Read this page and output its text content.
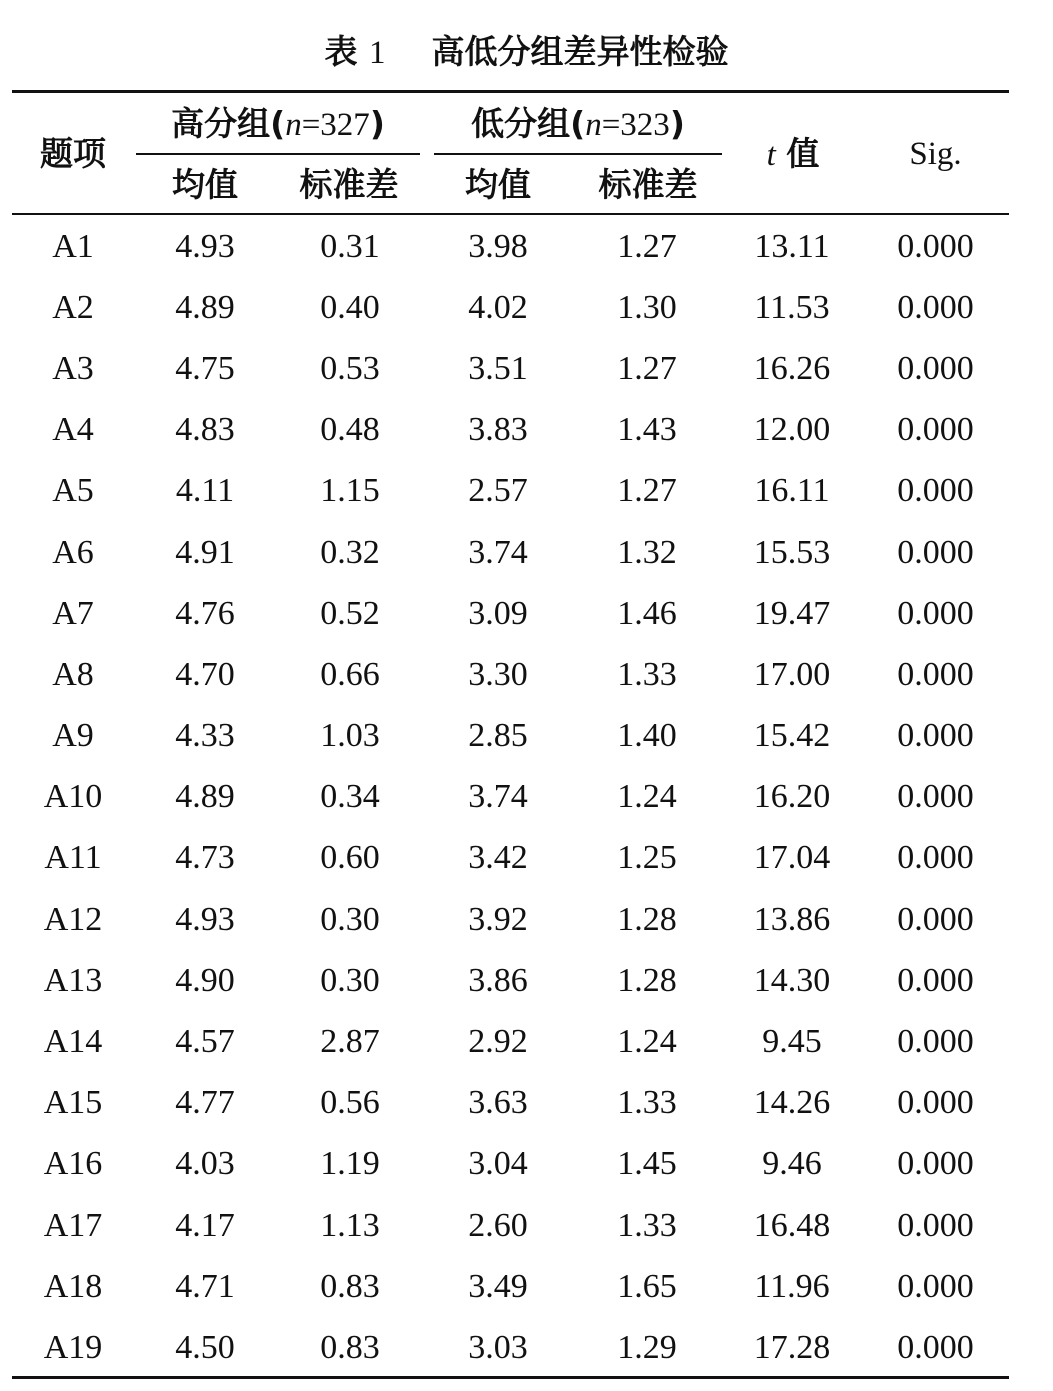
表 1 高低分组差异性检验
题项
高分组(n=327)	低分组(n=323)
均值	标准差	均值	标准差
t 值	Sig.
A1	4.93	0.31	3.98	1.27	13.11	0.000
A2	4.89	0.40	4.02	1.30	11.53	0.000
A3	4.75	0.53	3.51	1.27	16.26	0.000
A4	4.83	0.48	3.83	1.43	12.00	0.000
A5	4.11	1.15	2.57	1.27	16.11	0.000
A6	4.91	0.32	3.74	1.32	15.53	0.000
A7	4.76	0.52	3.09	1.46	19.47	0.000
A8	4.70	0.66	3.30	1.33	17.00	0.000
A9	4.33	1.03	2.85	1.40	15.42	0.000
A10	4.89	0.34	3.74	1.24	16.20	0.000
A11	4.73	0.60	3.42	1.25	17.04	0.000
A12	4.93	0.30	3.92	1.28	13.86	0.000
A13	4.90	0.30	3.86	1.28	14.30	0.000
A14	4.57	2.87	2.92	1.24	9.45	0.000
A15	4.77	0.56	3.63	1.33	14.26	0.000
A16	4.03	1.19	3.04	1.45	9.46	0.000
A17	4.17	1.13	2.60	1.33	16.48	0.000
A18	4.71	0.83	3.49	1.65	11.96	0.000
A19	4.50	0.83	3.03	1.29	17.28	0.000
